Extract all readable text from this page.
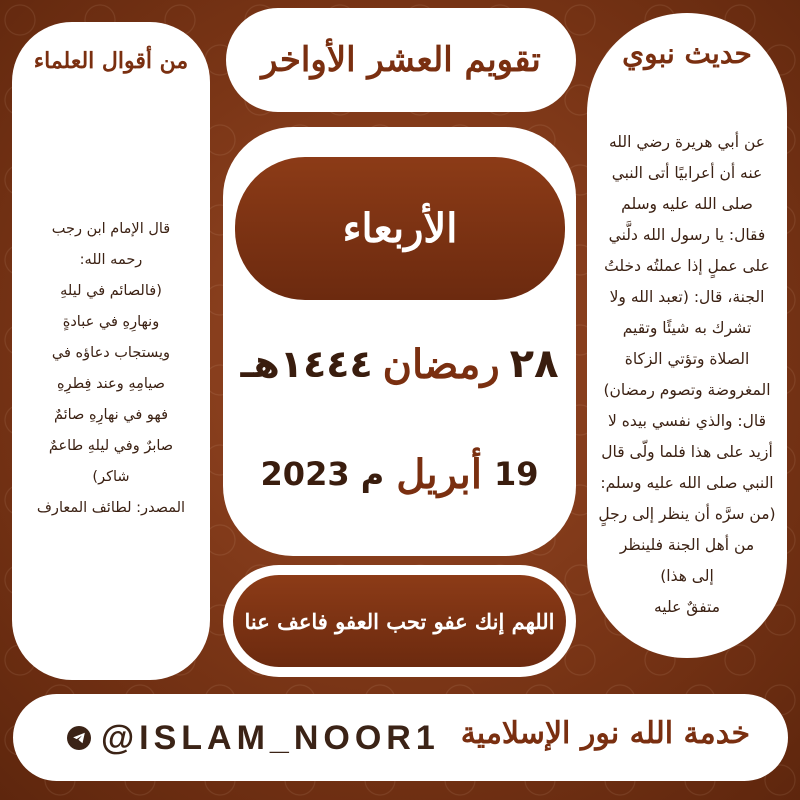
تقويم العشر الأواخر	حديث نبوي
عن أبي هريرة رضي الله
عنه أن أعرابيًا أتى النبي
صلى الله عليه وسلم
فقال: يا رسول الله دلَّني
على عملٍ إذا عملتُه دخلتُ
الجنة، قال: (تعبد الله ولا
تشرك به شيئًا وتقيم
الصلاة وتؤتي الزكاة
المغروضة وتصوم رمضان)
قال: والذي نفسي بيده لا
أزيد على هذا فلما ولّى قال
النبي صلى الله عليه وسلم:
(من سرَّه أن ينظر إلى رجلٍ
من أهل الجنة فلينظر
إلى هذا)
متفقٌ عليه
من أقوال العلماء
قال الإمام ابن رجب
رحمه الله:
(فالصائم في ليلهِ
ونهارِهِ في عبادةٍ
ويستجاب دعاؤه في
صيامِهِ وعند فِطرِهِ
فهو في نهارِهِ صائمٌ
صابرٌ وفي ليلهِ طاعمٌ
شاكر)
المصدر: لطائف المعارف
الأربعاء
٢٨
رمضان
١٤٤٤هـ
19
أبريل
2023 م
اللهم إنك عفو تحب العفو فاعف عنا
@ISLAM_NOOR1 خدمة الله نور الإسلامية
